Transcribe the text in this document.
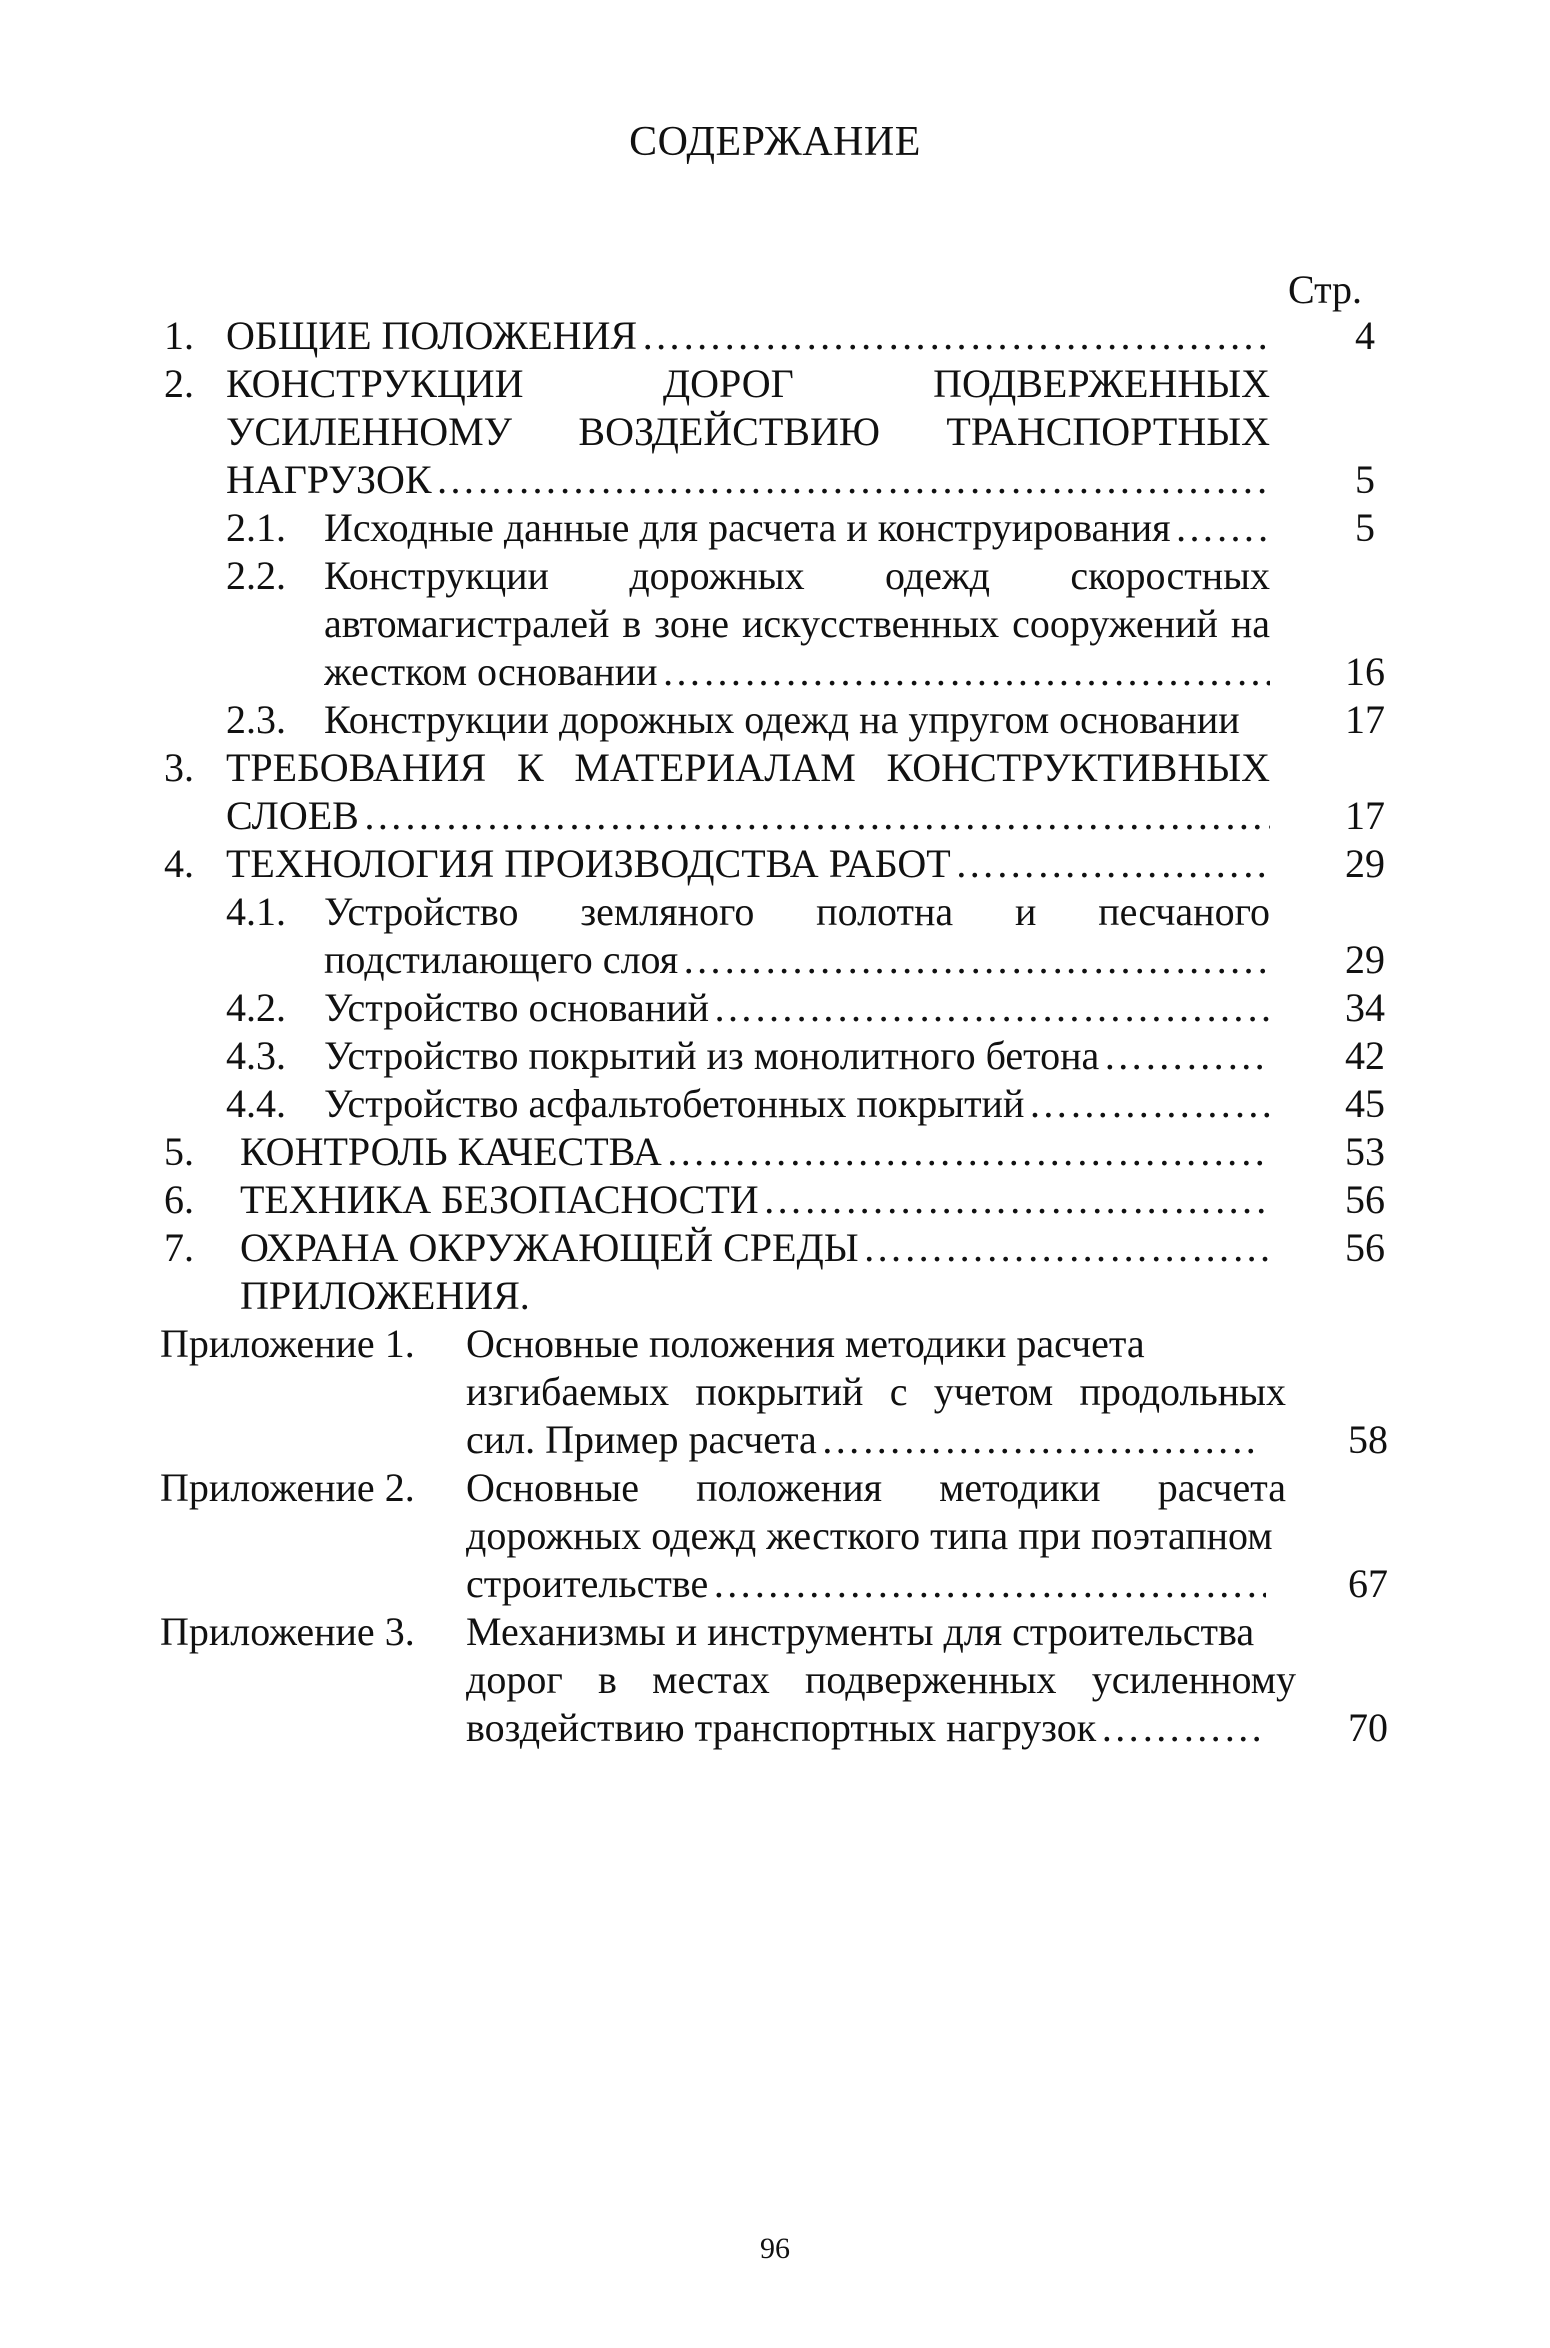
СОДЕРЖАНИЕ
Стр.
1. ОБЩИЕ ПОЛОЖЕНИЯ …………………………………………………………………………………………………………………………	4
2. КОНСТРУКЦИИ ДОРОГ ПОДВЕРЖЕННЫХ
УСИЛЕННОМУ ВОЗДЕЙСТВИЮ ТРАНСПОРТНЫХ
НАГРУЗОК …………………………………………………………………………………………………………………………	5
2.1. Исходные данные для расчета и конструирования …………………………………………………………………………………………………………………………	5
2.2. Конструкции дорожных одежд скоростных
автомагистралей в зоне искусственных сооружений на
жестком основании …………………………………………………………………………………………………………………………	16
2.3. Конструкции дорожных одежд на упругом основании	17
3. ТРЕБОВАНИЯ К МАТЕРИАЛАМ КОНСТРУКТИВНЫХ
СЛОЕВ …………………………………………………………………………………………………………………………	17
4. ТЕХНОЛОГИЯ ПРОИЗВОДСТВА РАБОТ …………………………………………………………………………………………………………………………	29
4.1. Устройство земляного полотна и песчаного
подстилающего слоя …………………………………………………………………………………………………………………………	29
4.2. Устройство оснований …………………………………………………………………………………………………………………………	34
4.3. Устройство покрытий из монолитного бетона …………………………………………………………………………………………………………………………	42
4.4. Устройство асфальтобетонных покрытий …………………………………………………………………………………………………………………………	45
5. КОНТРОЛЬ КАЧЕСТВА …………………………………………………………………………………………………………………………	53
6. ТЕХНИКА БЕЗОПАСНОСТИ …………………………………………………………………………………………………………………………	56
7. ОХРАНА ОКРУЖАЮЩЕЙ СРЕДЫ …………………………………………………………………………………………………………………………	56
ПРИЛОЖЕНИЯ.
Приложение 1. Основные положения методики расчета
изгибаемых покрытий с учетом продольных
сил. Пример расчета …………………………………………………………………………………………………………………………	58
Приложение 2. Основные положения методики расчета
дорожных одежд жесткого типа при поэтапном
строительстве …………………………………………………………………………………………………………………………	67
Приложение 3. Механизмы и инструменты для строительства
дорог в местах подверженных усиленному
воздействию транспортных нагрузок …………………………………………………………………………………………………………………………	70
96
